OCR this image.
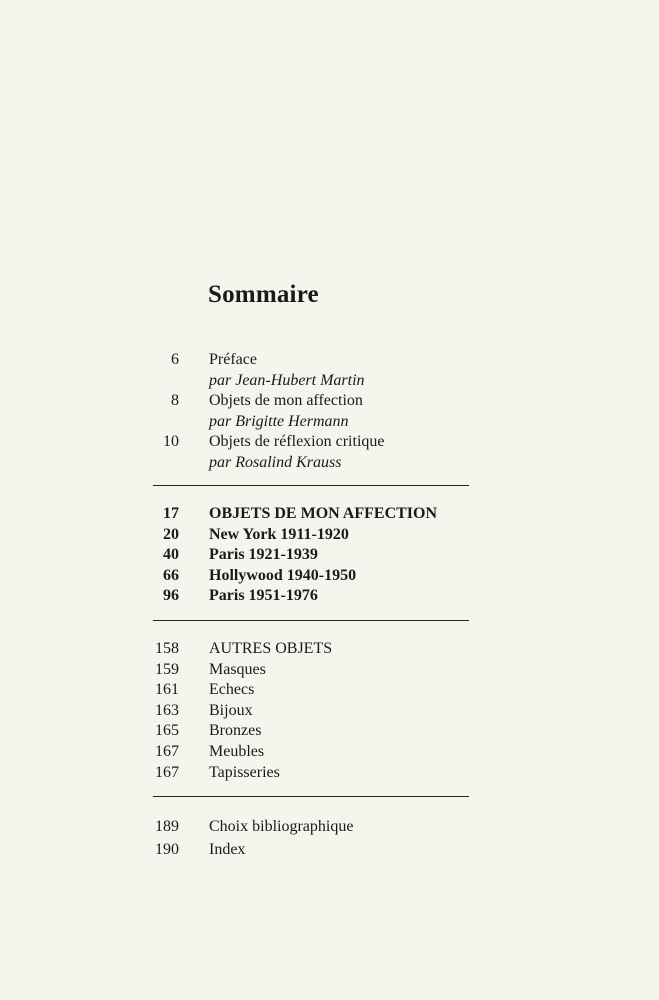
Sommaire
6 Préface
par Jean-Hubert Martin
8 Objets de mon affection
par Brigitte Hermann
10 Objets de réflexion critique
par Rosalind Krauss
17 OBJETS DE MON AFFECTION
20 New York 1911-1920
40 Paris 1921-1939
66 Hollywood 1940-1950
96 Paris 1951-1976
158 AUTRES OBJETS
159 Masques
161 Echecs
163 Bijoux
165 Bronzes
167 Meubles
167 Tapisseries
189 Choix bibliographique
190 Index
